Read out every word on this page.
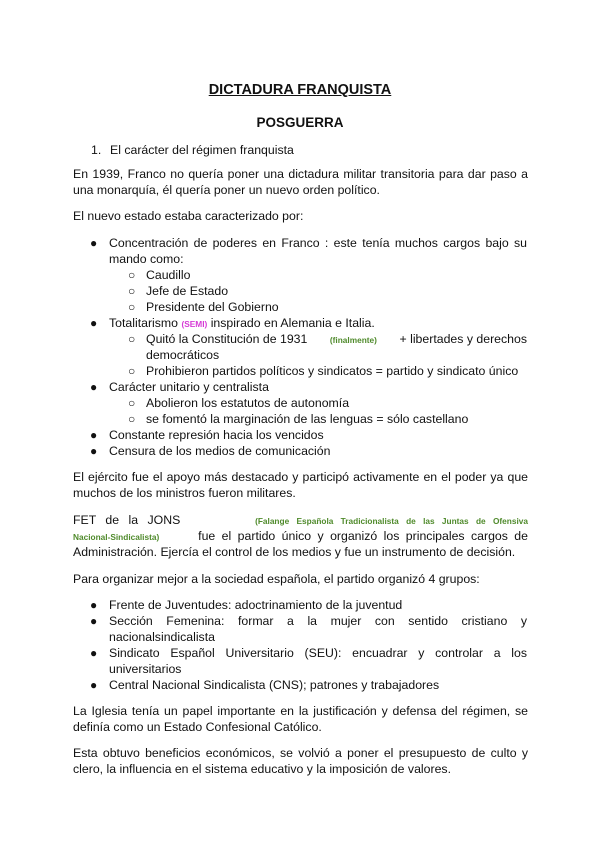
DICTADURA FRANQUISTA
POSGUERRA
1. El carácter del régimen franquista
En 1939, Franco no quería poner una dictadura militar transitoria para dar paso a
una monarquía, él quería poner un nuevo orden político.
El nuevo estado estaba caracterizado por:
● Concentración de poderes en Franco : este tenía muchos cargos bajo su
mando como:
○ Caudillo
○ Jefe de Estado
○ Presidente del Gobierno
● Totalitarismo (SEMI) inspirado en Alemania e Italia.
○ Quitó la Constitución de 1931	(finalmente) + libertades y derechos
democráticos
○ Prohibieron partidos políticos y sindicatos = partido y sindicato único
● Carácter unitario y centralista
○ Abolieron los estatutos de autonomía
○ se fomentó la marginación de las lenguas = sólo castellano
● Constante represión hacia los vencidos
● Censura de los medios de comunicación
El ejército fue el apoyo más destacado y participó activamente en el poder ya que
muchos de los ministros fueron militares.
FET de la JONS	(Falange Española Tradicionalista de las Juntas de Ofensiva
Nacional-Sindicalista)	fue el partido único y organizó los principales cargos de
Administración. Ejercía el control de los medios y fue un instrumento de decisión.
Para organizar mejor a la sociedad española, el partido organizó 4 grupos:
● Frente de Juventudes: adoctrinamiento de la juventud
● Sección Femenina: formar a la mujer con sentido cristiano y
nacionalsindicalista
● Sindicato Español Universitario (SEU): encuadrar y controlar a los
universitarios
● Central Nacional Sindicalista (CNS); patrones y trabajadores
La Iglesia tenía un papel importante en la justificación y defensa del régimen, se
definía como un Estado Confesional Católico.
Esta obtuvo beneficios económicos, se volvió a poner el presupuesto de culto y
clero, la influencia en el sistema educativo y la imposición de valores.
